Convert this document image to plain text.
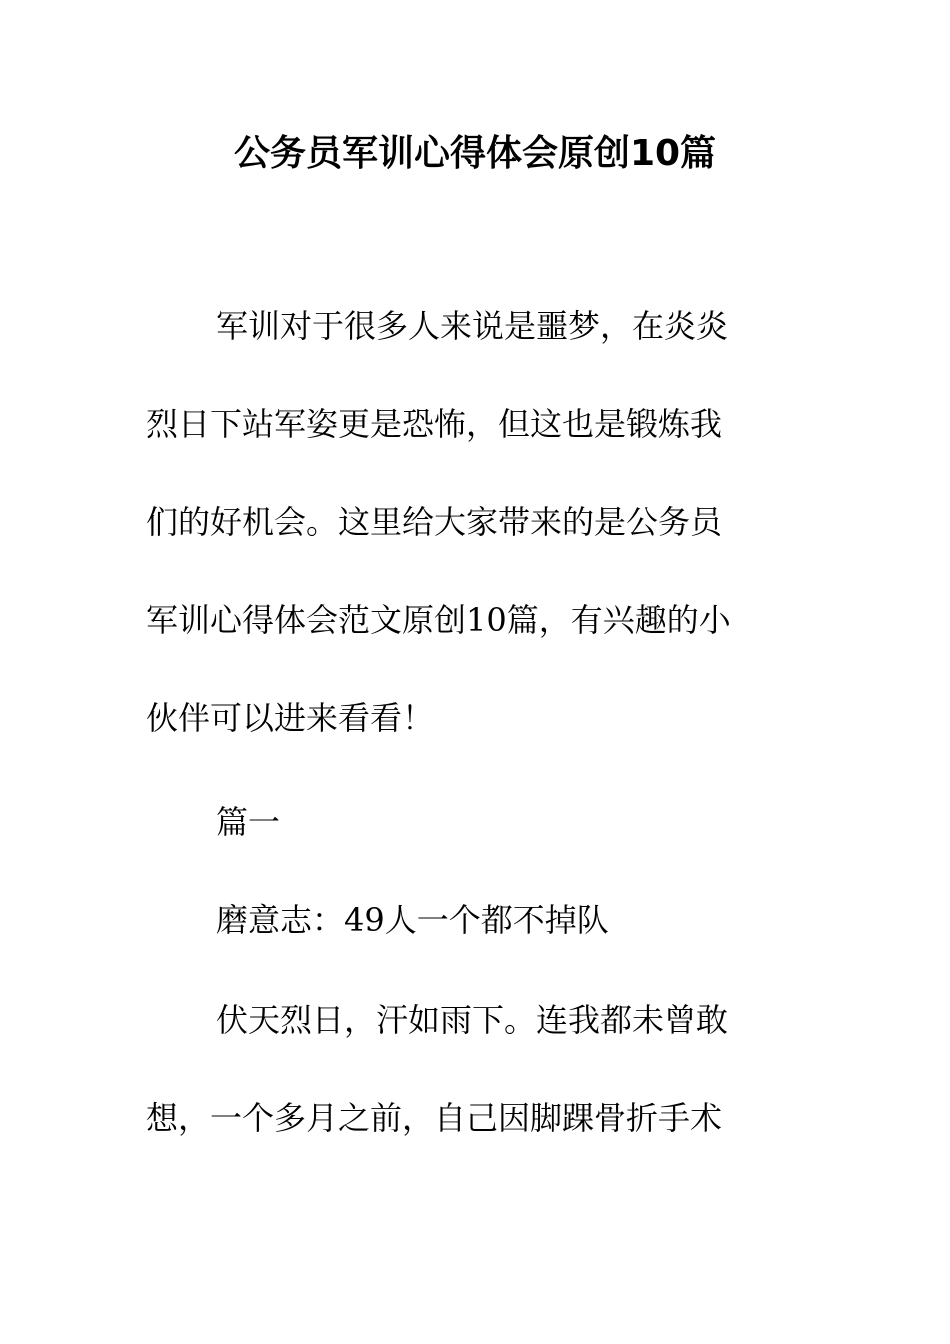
公务员军训心得体会原创10篇
军训对于很多人来说是噩梦，在炎炎
烈日下站军姿更是恐怖，但这也是锻炼我
们的好机会。这里给大家带来的是公务员
军训心得体会范文原创10篇，有兴趣的小
伙伴可以进来看看！
篇一
磨意志：49人一个都不掉队
伏天烈日，汗如雨下。连我都未曾敢
想，一个多月之前，自己因脚踝骨折手术
